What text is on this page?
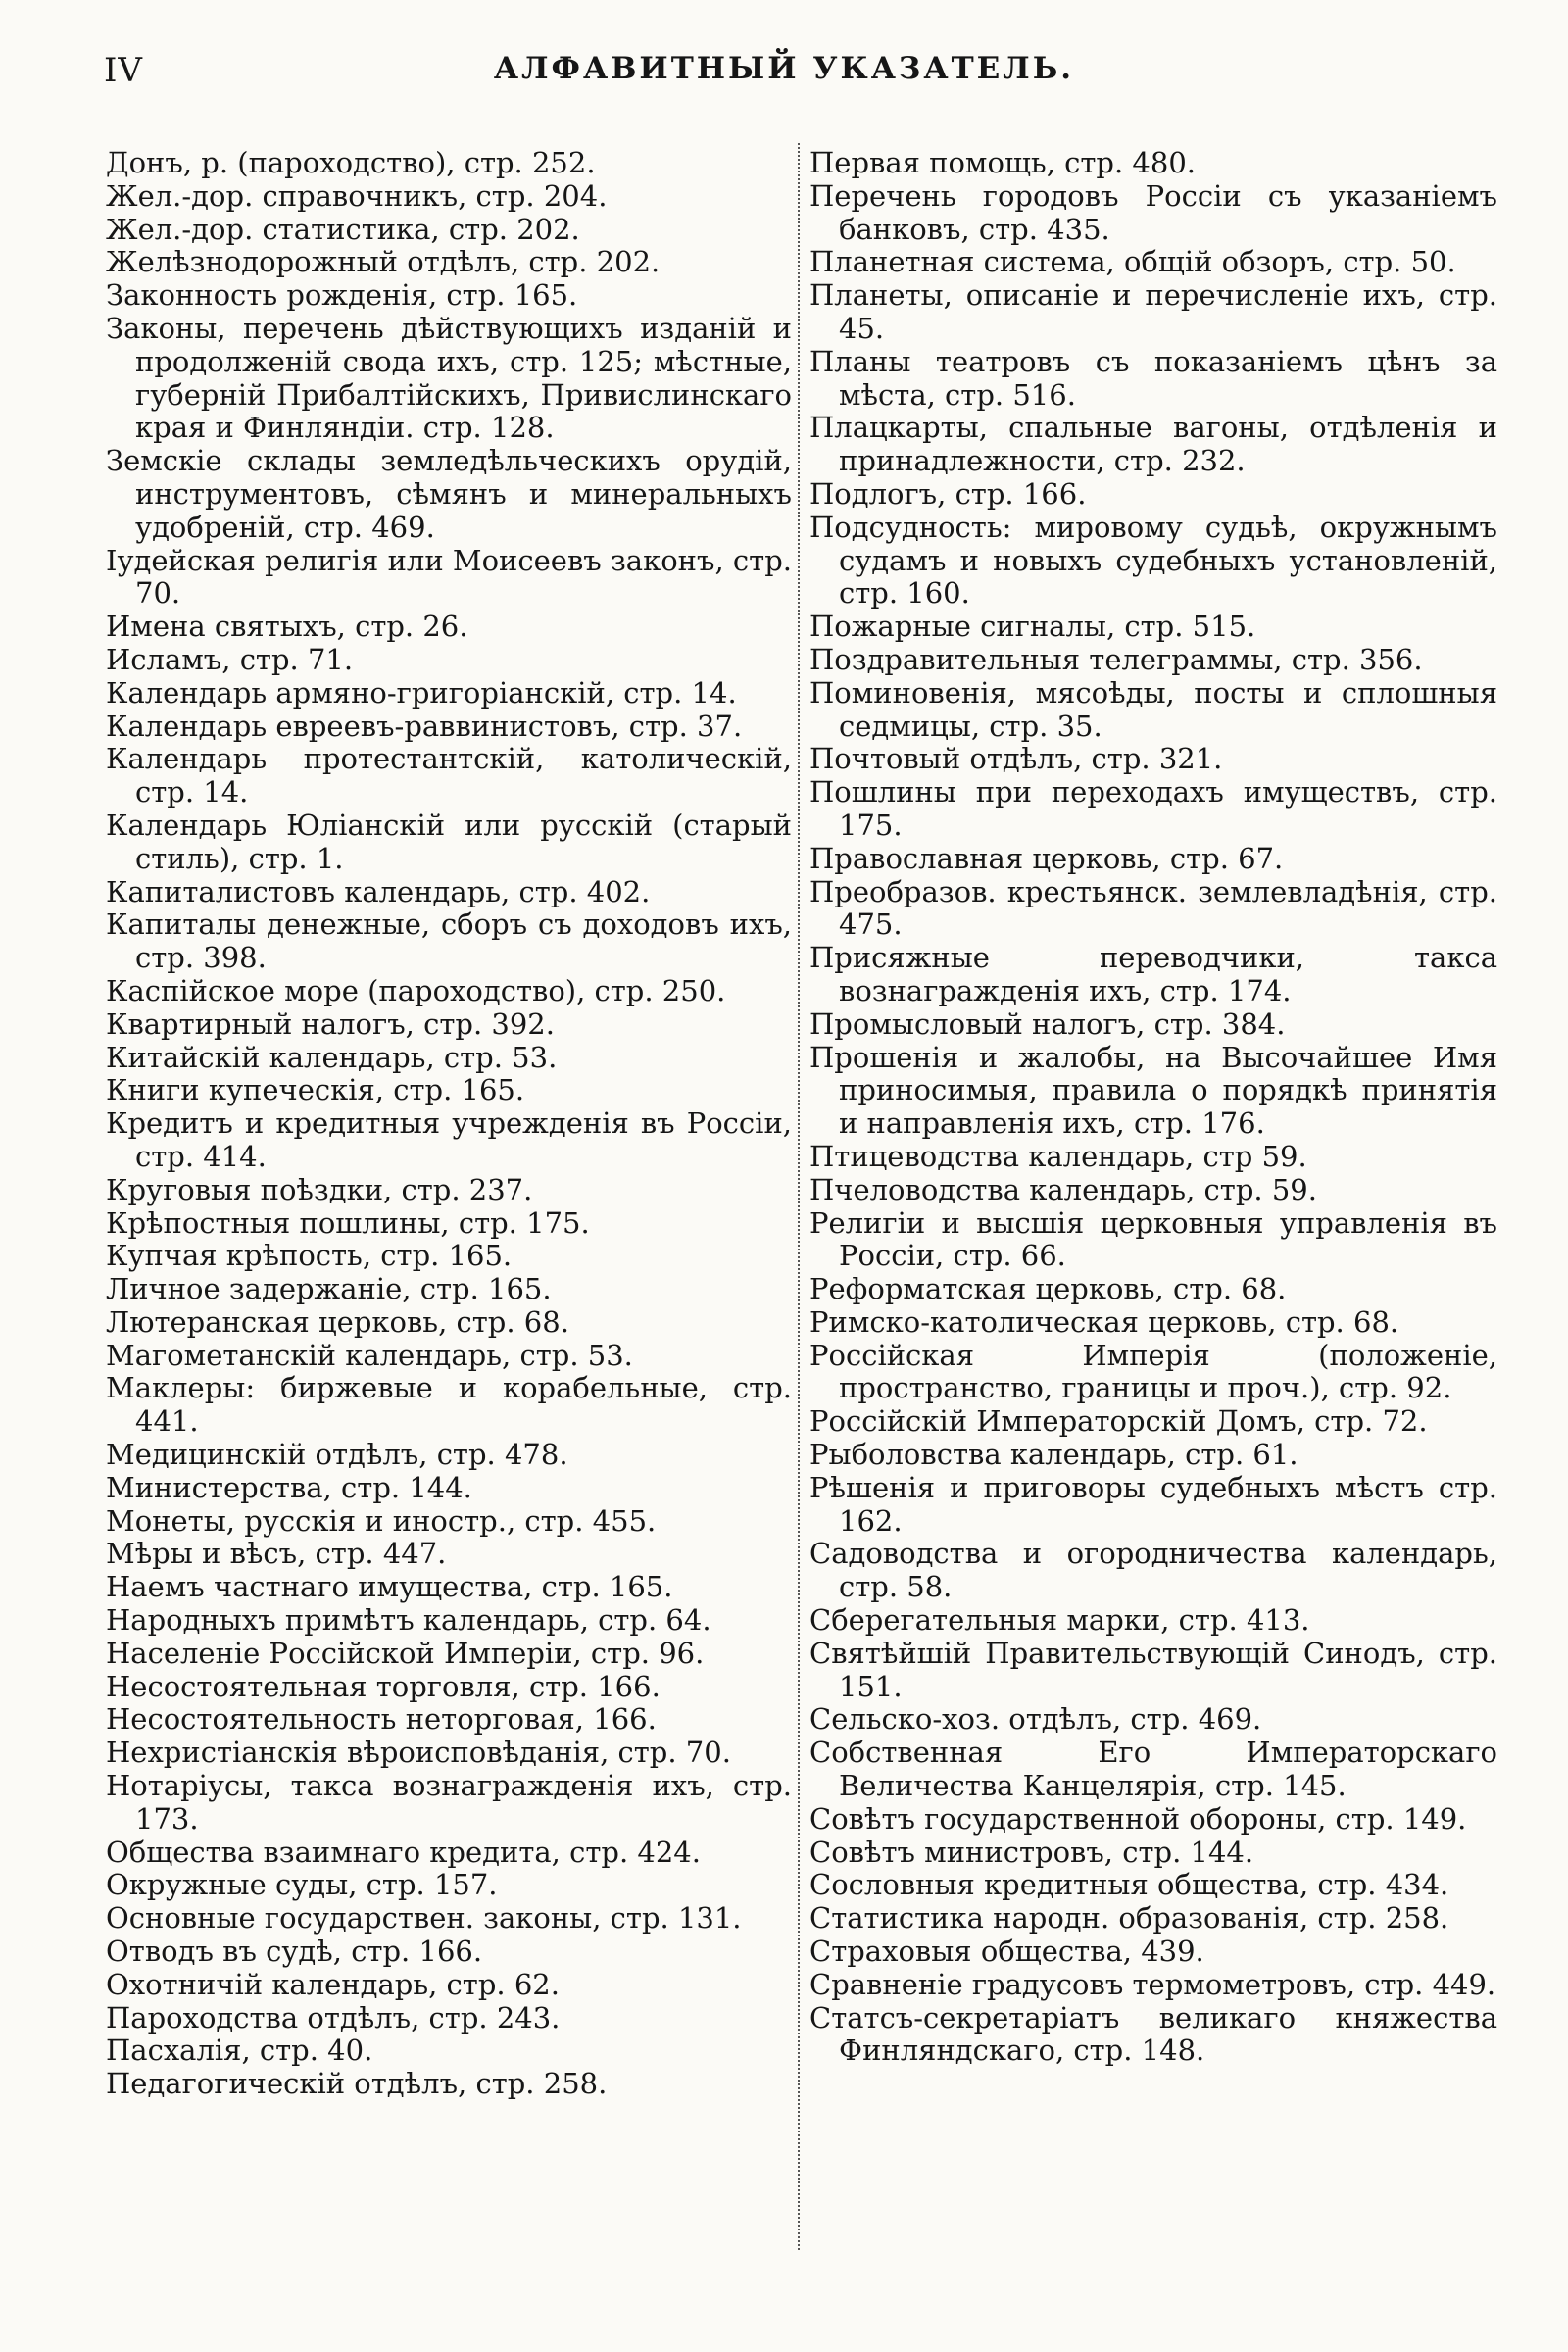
IV	АЛФАВИТНЫЙ УКАЗАТЕЛЬ.
Донъ, р. (пароходство), стр. 252.
Жел.-дор. справочникъ, стр. 204.
Жел.-дор. статистика, стр. 202.
Желѣзнодорожный отдѣлъ, стр. 202.
Законность рожденія, стр. 165.
Законы, перечень дѣйствующихъ изданій и продолженій свода ихъ, стр. 125; мѣстные, губерній Прибалтійскихъ, Привислинскаго края и Финляндіи. стр. 128.
Земскіе склады земледѣльческихъ орудій, инструментовъ, сѣмянъ и минеральныхъ удобреній, стр. 469.
Іудейская религія или Моисеевъ законъ, стр. 70.
Имена святыхъ, стр. 26.
Исламъ, стр. 71.
Календарь армяно-григоріанскій, стр. 14.
Календарь евреевъ-раввинистовъ, стр. 37.
Календарь протестантскій, католическій, стр. 14.
Календарь Юліанскій или русскій (старый стиль), стр. 1.
Капиталистовъ календарь, стр. 402.
Капиталы денежные, сборъ съ доходовъ ихъ, стр. 398.
Каспійское море (пароходство), стр. 250.
Квартирный налогъ, стр. 392.
Китайскій календарь, стр. 53.
Книги купеческія, стр. 165.
Кредитъ и кредитныя учрежденія въ Россіи, стр. 414.
Круговыя поѣздки, стр. 237.
Крѣпостныя пошлины, стр. 175.
Купчая крѣпость, стр. 165.
Личное задержаніе, стр. 165.
Лютеранская церковь, стр. 68.
Магометанскій календарь, стр. 53.
Маклеры: биржевые и корабельные, стр. 441.
Медицинскій отдѣлъ, стр. 478.
Министерства, стр. 144.
Монеты, русскія и иностр., стр. 455.
Мѣры и вѣсъ, стр. 447.
Наемъ частнаго имущества, стр. 165.
Народныхъ примѣтъ календарь, стр. 64.
Населеніе Россійской Имперіи, стр. 96.
Несостоятельная торговля, стр. 166.
Несостоятельность неторговая, 166.
Нехристіанскія вѣроисповѣданія, стр. 70.
Нотаріусы, такса вознагражденія ихъ, стр. 173.
Общества взаимнаго кредита, стр. 424.
Окружные суды, стр. 157.
Основные государствен. законы, стр. 131.
Отводъ въ судѣ, стр. 166.
Охотничій календарь, стр. 62.
Пароходства отдѣлъ, стр. 243.
Пасхалія, стр. 40.
Педагогическій отдѣлъ, стр. 258.
Первая помощь, стр. 480.
Перечень городовъ Россіи съ указаніемъ банковъ, стр. 435.
Планетная система, общій обзоръ, стр. 50.
Планеты, описаніе и перечисленіе ихъ, стр. 45.
Планы театровъ съ показаніемъ цѣнъ за мѣста, стр. 516.
Плацкарты, спальные вагоны, отдѣленія и принадлежности, стр. 232.
Подлогъ, стр. 166.
Подсудность: мировому судьѣ, окружнымъ судамъ и новыхъ судебныхъ установленій, стр. 160.
Пожарные сигналы, стр. 515.
Поздравительныя телеграммы, стр. 356.
Поминовенія, мясоѣды, посты и сплошныя седмицы, стр. 35.
Почтовый отдѣлъ, стр. 321.
Пошлины при переходахъ имуществъ, стр. 175.
Православная церковь, стр. 67.
Преобразов. крестьянск. землевладѣнія, стр. 475.
Присяжные переводчики, такса вознагражденія ихъ, стр. 174.
Промысловый налогъ, стр. 384.
Прошенія и жалобы, на Высочайшее Имя приносимыя, правила о порядкѣ принятія и направленія ихъ, стр. 176.
Птицеводства календарь, стр 59.
Пчеловодства календарь, стр. 59.
Религіи и высшія церковныя управленія въ Россіи, стр. 66.
Реформатская церковь, стр. 68.
Римско-католическая церковь, стр. 68.
Россійская Имперія (положеніе, пространство, границы и проч.), стр. 92.
Россійскій Императорскій Домъ, стр. 72.
Рыболовства календарь, стр. 61.
Рѣшенія и приговоры судебныхъ мѣстъ стр. 162.
Садоводства и огородничества календарь, стр. 58.
Сберегательныя марки, стр. 413.
Святѣйшій Правительствующій Синодъ, стр. 151.
Сельско-хоз. отдѣлъ, стр. 469.
Собственная Его Императорскаго Величества Канцелярія, стр. 145.
Совѣтъ государственной обороны, стр. 149.
Совѣтъ министровъ, стр. 144.
Сословныя кредитныя общества, стр. 434.
Статистика народн. образованія, стр. 258.
Страховыя общества, 439.
Сравненіе градусовъ термометровъ, стр. 449.
Статсъ-секретаріатъ великаго княжества Финляндскаго, стр. 148.
